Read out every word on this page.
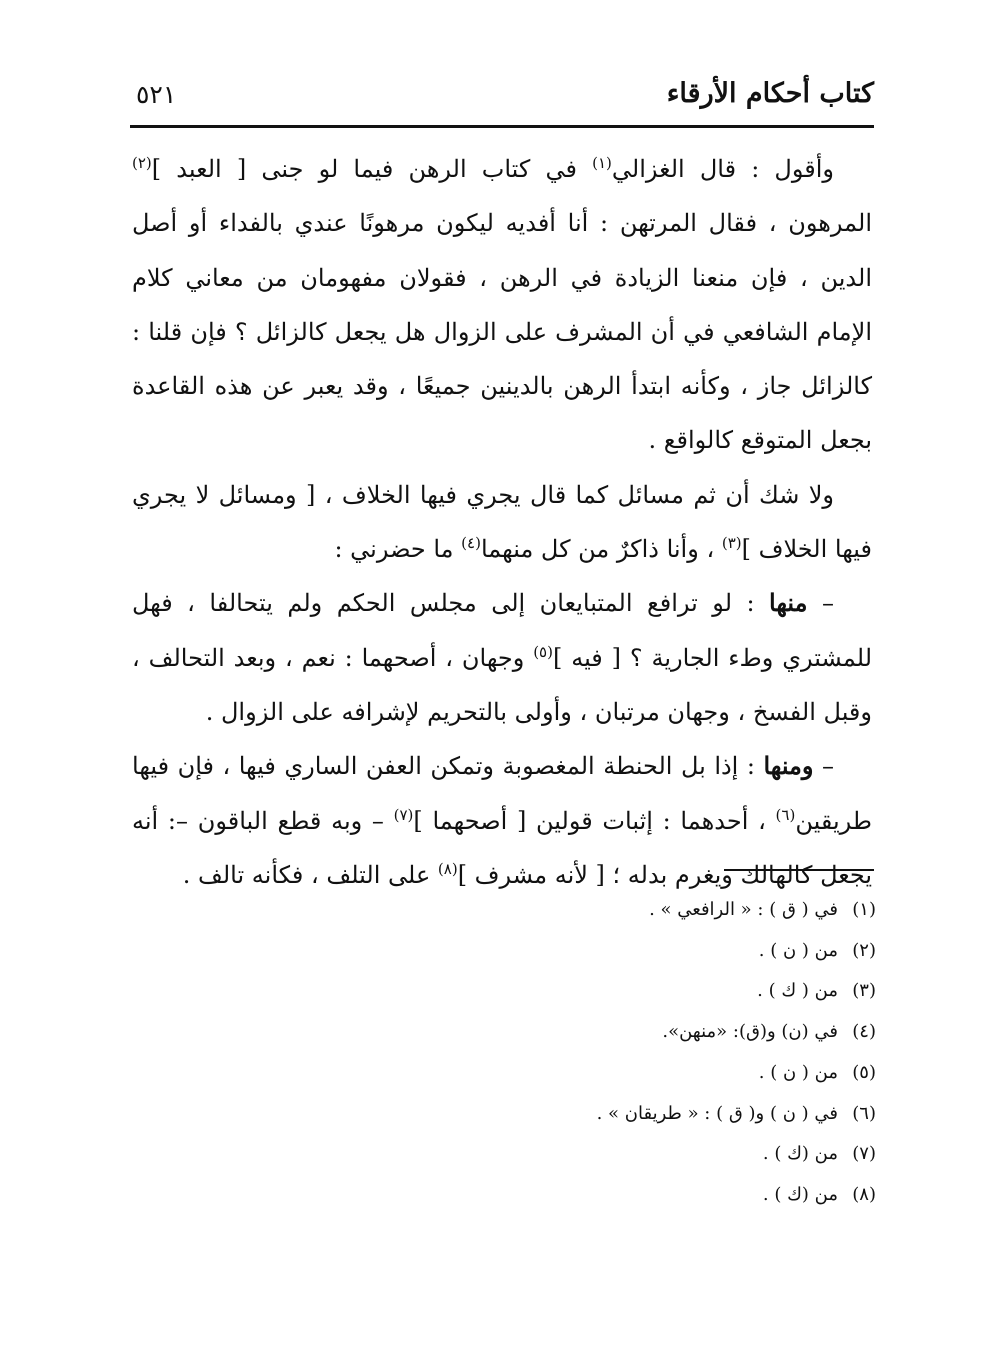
كتاب أحكام الأرقاء
٥٢١

وأقول : قال الغزالي$^{(١)}$ في كتاب الرهن فيما لو جنى [ العبد ]$^{(٢)}$ المرهون ، فقال المرتهن : أنا أفديه ليكون مرهونًا عندي بالفداء أو أصل الدين ، فإن منعنا الزيادة في الرهن ، فقولان مفهومان من معاني كلام الإمام الشافعي في أن المشرف على الزوال هل يجعل كالزائل ؟ فإن قلنا : كالزائل جاز ، وكأنه ابتدأ الرهن بالدينين جميعًا ، وقد يعبر عن هذه القاعدة بجعل المتوقع كالواقع .

ولا شك أن ثم مسائل كما قال يجري فيها الخلاف ، [ ومسائل لا يجري فيها الخلاف ]$^{(٣)}$ ، وأنا ذاكرٌ من كل منهما$^{(٤)}$ ما حضرني :

– منها : لو ترافع المتبايعان إلى مجلس الحكم ولم يتحالفا ، فهل للمشتري وطء الجارية ؟ [ فيه ]$^{(٥)}$ وجهان ، أصحهما : نعم ، وبعد التحالف ، وقبل الفسخ ، وجهان مرتبان ، وأولى بالتحريم لإشرافه على الزوال .

– ومنها : إذا بل الحنطة المغصوبة وتمكن العفن الساري فيها ، فإن فيها طريقين$^{(٦)}$ ، أحدهما : إثبات قولين [ أصحهما ]$^{(٧)}$ – وبه قطع الباقون –: أنه يجعل كالهالك ويغرم بدله ؛ [ لأنه مشرف ]$^{(٨)}$ على التلف ، فكأنه تالف .

(١)في ( ق ) : « الرافعي » .
(٢)من ( ن ) .
(٣)من ( ك ) .
(٤)في (ن) و(ق): «منهن».
(٥)من ( ن ) .
(٦)في ( ن ) و( ق ) : « طريقان » .
(٧)من (ك ) .
(٨)من (ك ) .
